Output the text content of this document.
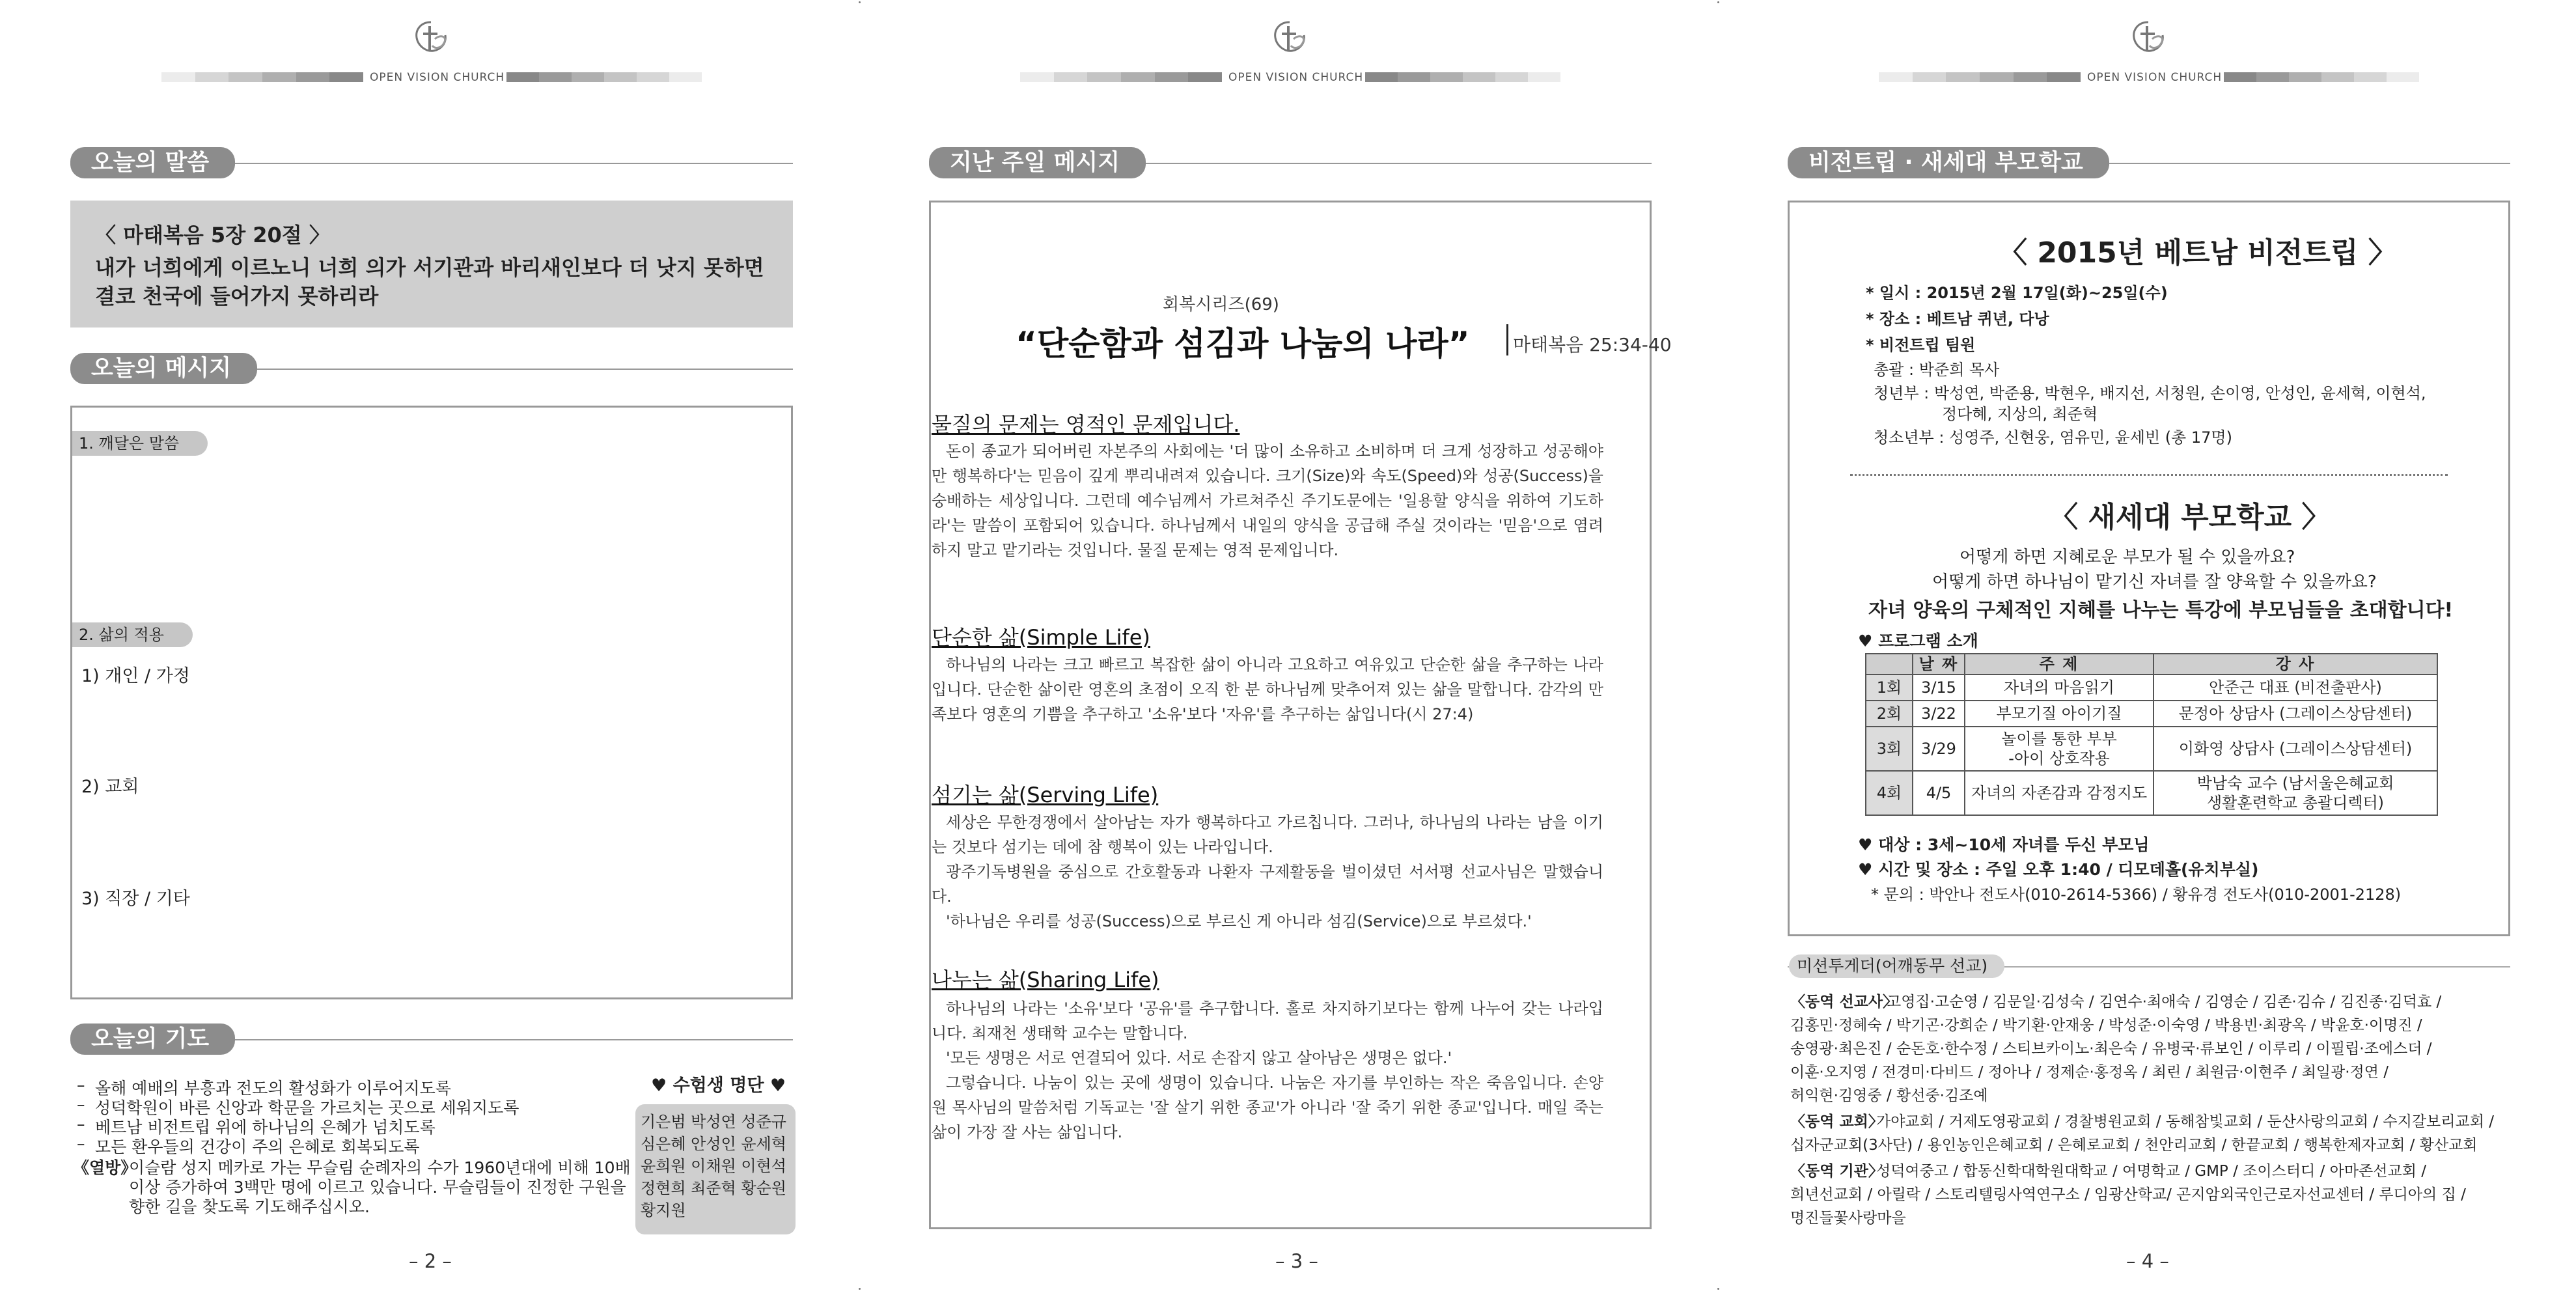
OPEN VISION CHURCH
오늘의 말씀
〈 마태복음 5장 20절 〉
내가 너희에게 이르노니 너희 의가 서기관과 바리새인보다 더 낫지 못하면
결코 천국에 들어가지 못하리라
오늘의 메시지
1. 깨달은 말씀
2. 삶의 적용
1) 개인 / 가정
2) 교회
3) 직장 / 기타
오늘의 기도
– 올해 예배의 부흥과 전도의 활성화가 이루어지도록
– 성덕학원이 바른 신앙과 학문을 가르치는 곳으로 세워지도록
– 베트남 비전트립 위에 하나님의 은혜가 넘치도록
– 모든 환우들의 건강이 주의 은혜로 회복되도록
《열방》
이슬람 성지 메카로 가는 무슬림 순례자의 수가 1960년대에 비해 10배
이상 증가하여 3백만 명에 이르고 있습니다. 무슬림들이 진정한 구원을
향한 길을 찾도록 기도해주십시오.
♥ 수험생 명단 ♥
기은범 박성연 성준규
심은혜 안성인 윤세혁
윤희원 이채원 이현석
정현희 최준혁 황순원
황지원
– 2 –
OPEN VISION CHURCH
지난 주일 메시지
회복시리즈(69)
“단순함과 섬김과 나눔의 나라” 마태복음 25:34-40
물질의 문제는 영적인 문제입니다.
돈이 종교가 되어버린 자본주의 사회에는 '더 많이 소유하고 소비하며 더 크게 성장하고 성공해야만 행복하다'는 믿음이 깊게 뿌리내려져 있습니다. 크기(Size)와 속도(Speed)와 성공(Success)을 숭배하는 세상입니다. 그런데 예수님께서 가르쳐주신 주기도문에는 '일용할 양식을 위하여 기도하라'는 말씀이 포함되어 있습니다. 하나님께서 내일의 양식을 공급해 주실 것이라는 '믿음'으로 염려하지 말고 맡기라는 것입니다. 물질 문제는 영적 문제입니다.
단순한 삶(Simple Life)
하나님의 나라는 크고 빠르고 복잡한 삶이 아니라 고요하고 여유있고 단순한 삶을 추구하는 나라입니다. 단순한 삶이란 영혼의 초점이 오직 한 분 하나님께 맞추어져 있는 삶을 말합니다. 감각의 만족보다 영혼의 기쁨을 추구하고 '소유'보다 '자유'를 추구하는 삶입니다(시 27:4)
섬기는 삶(Serving Life)
세상은 무한경쟁에서 살아남는 자가 행복하다고 가르칩니다. 그러나, 하나님의 나라는 남을 이기는 것보다 섬기는 데에 참 행복이 있는 나라입니다.
광주기독병원을 중심으로 간호활동과 나환자 구제활동을 벌이셨던 서서평 선교사님은 말했습니다.
'하나님은 우리를 성공(Success)으로 부르신 게 아니라 섬김(Service)으로 부르셨다.'
나누는 삶(Sharing Life)
하나님의 나라는 '소유'보다 '공유'를 추구합니다. 홀로 차지하기보다는 함께 나누어 갖는 나라입니다. 최재천 생태학 교수는 말합니다.
'모든 생명은 서로 연결되어 있다. 서로 손잡지 않고 살아남은 생명은 없다.'
그렇습니다. 나눔이 있는 곳에 생명이 있습니다. 나눔은 자기를 부인하는 작은 죽음입니다. 손양원 목사님의 말씀처럼 기독교는 '잘 살기 위한 종교'가 아니라 '잘 죽기 위한 종교'입니다. 매일 죽는 삶이 가장 잘 사는 삶입니다.
– 3 –
OPEN VISION CHURCH
비전트립 · 새세대 부모학교
〈 2015년 베트남 비전트립 〉
* 일시 : 2015년 2월 17일(화)~25일(수)
* 장소 : 베트남 퀴년, 다낭
* 비전트립 팀원
총괄 : 박준희 목사
청년부 : 박성연, 박준용, 박현우, 배지선, 서청원, 손이영, 안성인, 윤세혁, 이현석,
정다혜, 지상의, 최준혁
청소년부 : 성영주, 신현웅, 염유민, 윤세빈 (총 17명)
〈 새세대 부모학교 〉
어떻게 하면 지혜로운 부모가 될 수 있을까요?
어떻게 하면 하나님이 맡기신 자녀를 잘 양육할 수 있을까요?
자녀 양육의 구체적인 지혜를 나누는 특강에 부모님들을 초대합니다!
♥ 프로그램 소개
	날 짜	주 제	강 사
1회	3/15	자녀의 마음읽기	안준근 대표 (비전출판사)
2회	3/22	부모기질 아이기질	문정아 상담사 (그레이스상담센터)
3회	3/29	놀이를 통한 부부
-아이 상호작용	이화영 상담사 (그레이스상담센터)
4회	4/5	자녀의 자존감과 감정지도	박남숙 교수 (남서울은혜교회
생활훈련학교 총괄디렉터)
♥ 대상 : 3세~10세 자녀를 두신 부모님
♥ 시간 및 장소 : 주일 오후 1:40 / 디모데홀(유치부실)
* 문의 : 박안나 전도사(010-2614-5366) / 황유경 전도사(010-2001-2128)
미션투게더(어깨동무 선교)
〈동역 선교사〉
고영집·고순영 / 김문일·김성숙 / 김연수·최애숙 / 김영순 / 김존·김슈 / 김진종·김덕효 /
김홍민·정혜숙 / 박기곤·강희순 / 박기환·안재웅 / 박성준·이숙영 / 박용빈·최광옥 / 박윤호·이명진 /
송영광·최은진 / 순돈호·한수정 / 스티브카이노·최은숙 / 유병국·류보인 / 이루리 / 이필립·조에스더 /
이훈·오지영 / 전경미·다비드 / 정아나 / 정제순·홍정옥 / 최린 / 최원금·이현주 / 최일광·정연 /
허익현·김영중 / 황선중·김조예
〈동역 교회〉
가야교회 / 거제도영광교회 / 경찰병원교회 / 동해참빛교회 / 둔산사랑의교회 / 수지갈보리교회 /
십자군교회(3사단) / 용인농인은혜교회 / 은혜로교회 / 천안리교회 / 한끝교회 / 행복한제자교회 / 황산교회
〈동역 기관〉
성덕여중고 / 합동신학대학원대학교 / 여명학교 / GMP / 조이스터디 / 아마존선교회 /
희년선교회 / 아릴락 / 스토리텔링사역연구소 / 임광산학교/ 곤지암외국인근로자선교센터 / 루디아의 집 /
명진들꽃사랑마을
– 4 –
